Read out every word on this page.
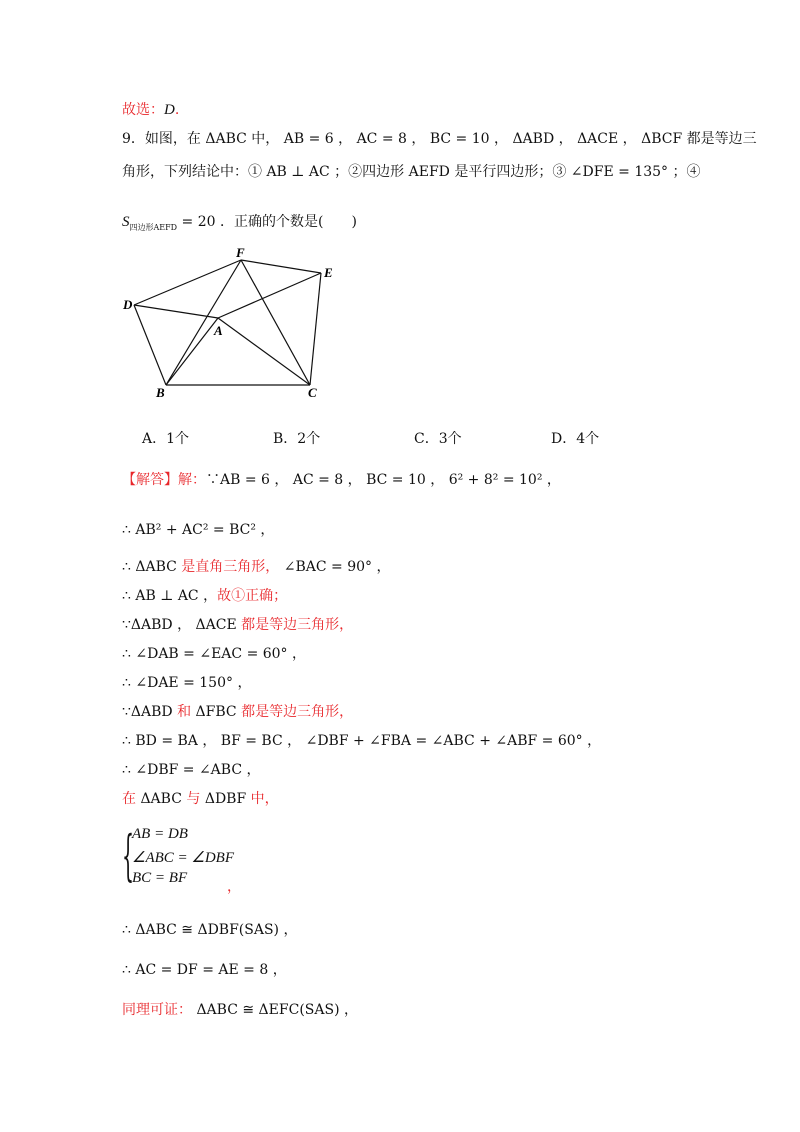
故选：D.
9．如图，在 ΔABC 中， AB = 6 ， AC = 8 ， BC = 10 ， ΔABD ， ΔACE ， ΔBCF 都是等边三
角形，下列结论中：① AB ⊥ AC ；②四边形 AEFD 是平行四边形；③ ∠DFE = 135° ；④
$S_{四边形AEFD} = 20$ ．正确的个数是(　　)
F
E
D
A
B	C
A．1个	B．2个	C．3个	D．4个
【解答】解：∵AB = 6 ， AC = 8 ， BC = 10 ， 6² + 8² = 10² ，
∴ AB² + AC² = BC² ，
∴ ΔABC 是直角三角形， ∠BAC = 90° ，
∴ AB ⊥ AC ，故①正确；
∵ΔABD ， ΔACE 都是等边三角形，
∴ ∠DAB = ∠EAC = 60° ，
∴ ∠DAE = 150° ，
∵ΔABD 和 ΔFBC 都是等边三角形，
∴ BD = BA ， BF = BC ， ∠DBF + ∠FBA = ∠ABC + ∠ABF = 60° ，
∴ ∠DBF = ∠ABC ，
在 ΔABC 与 ΔDBF 中，
{
AB = DB
∠ABC = ∠DBF
BC = BF
，
∴ ΔABC ≅ ΔDBF(SAS) ，
∴ AC = DF = AE = 8 ，
同理可证： ΔABC ≅ ΔEFC(SAS) ，
